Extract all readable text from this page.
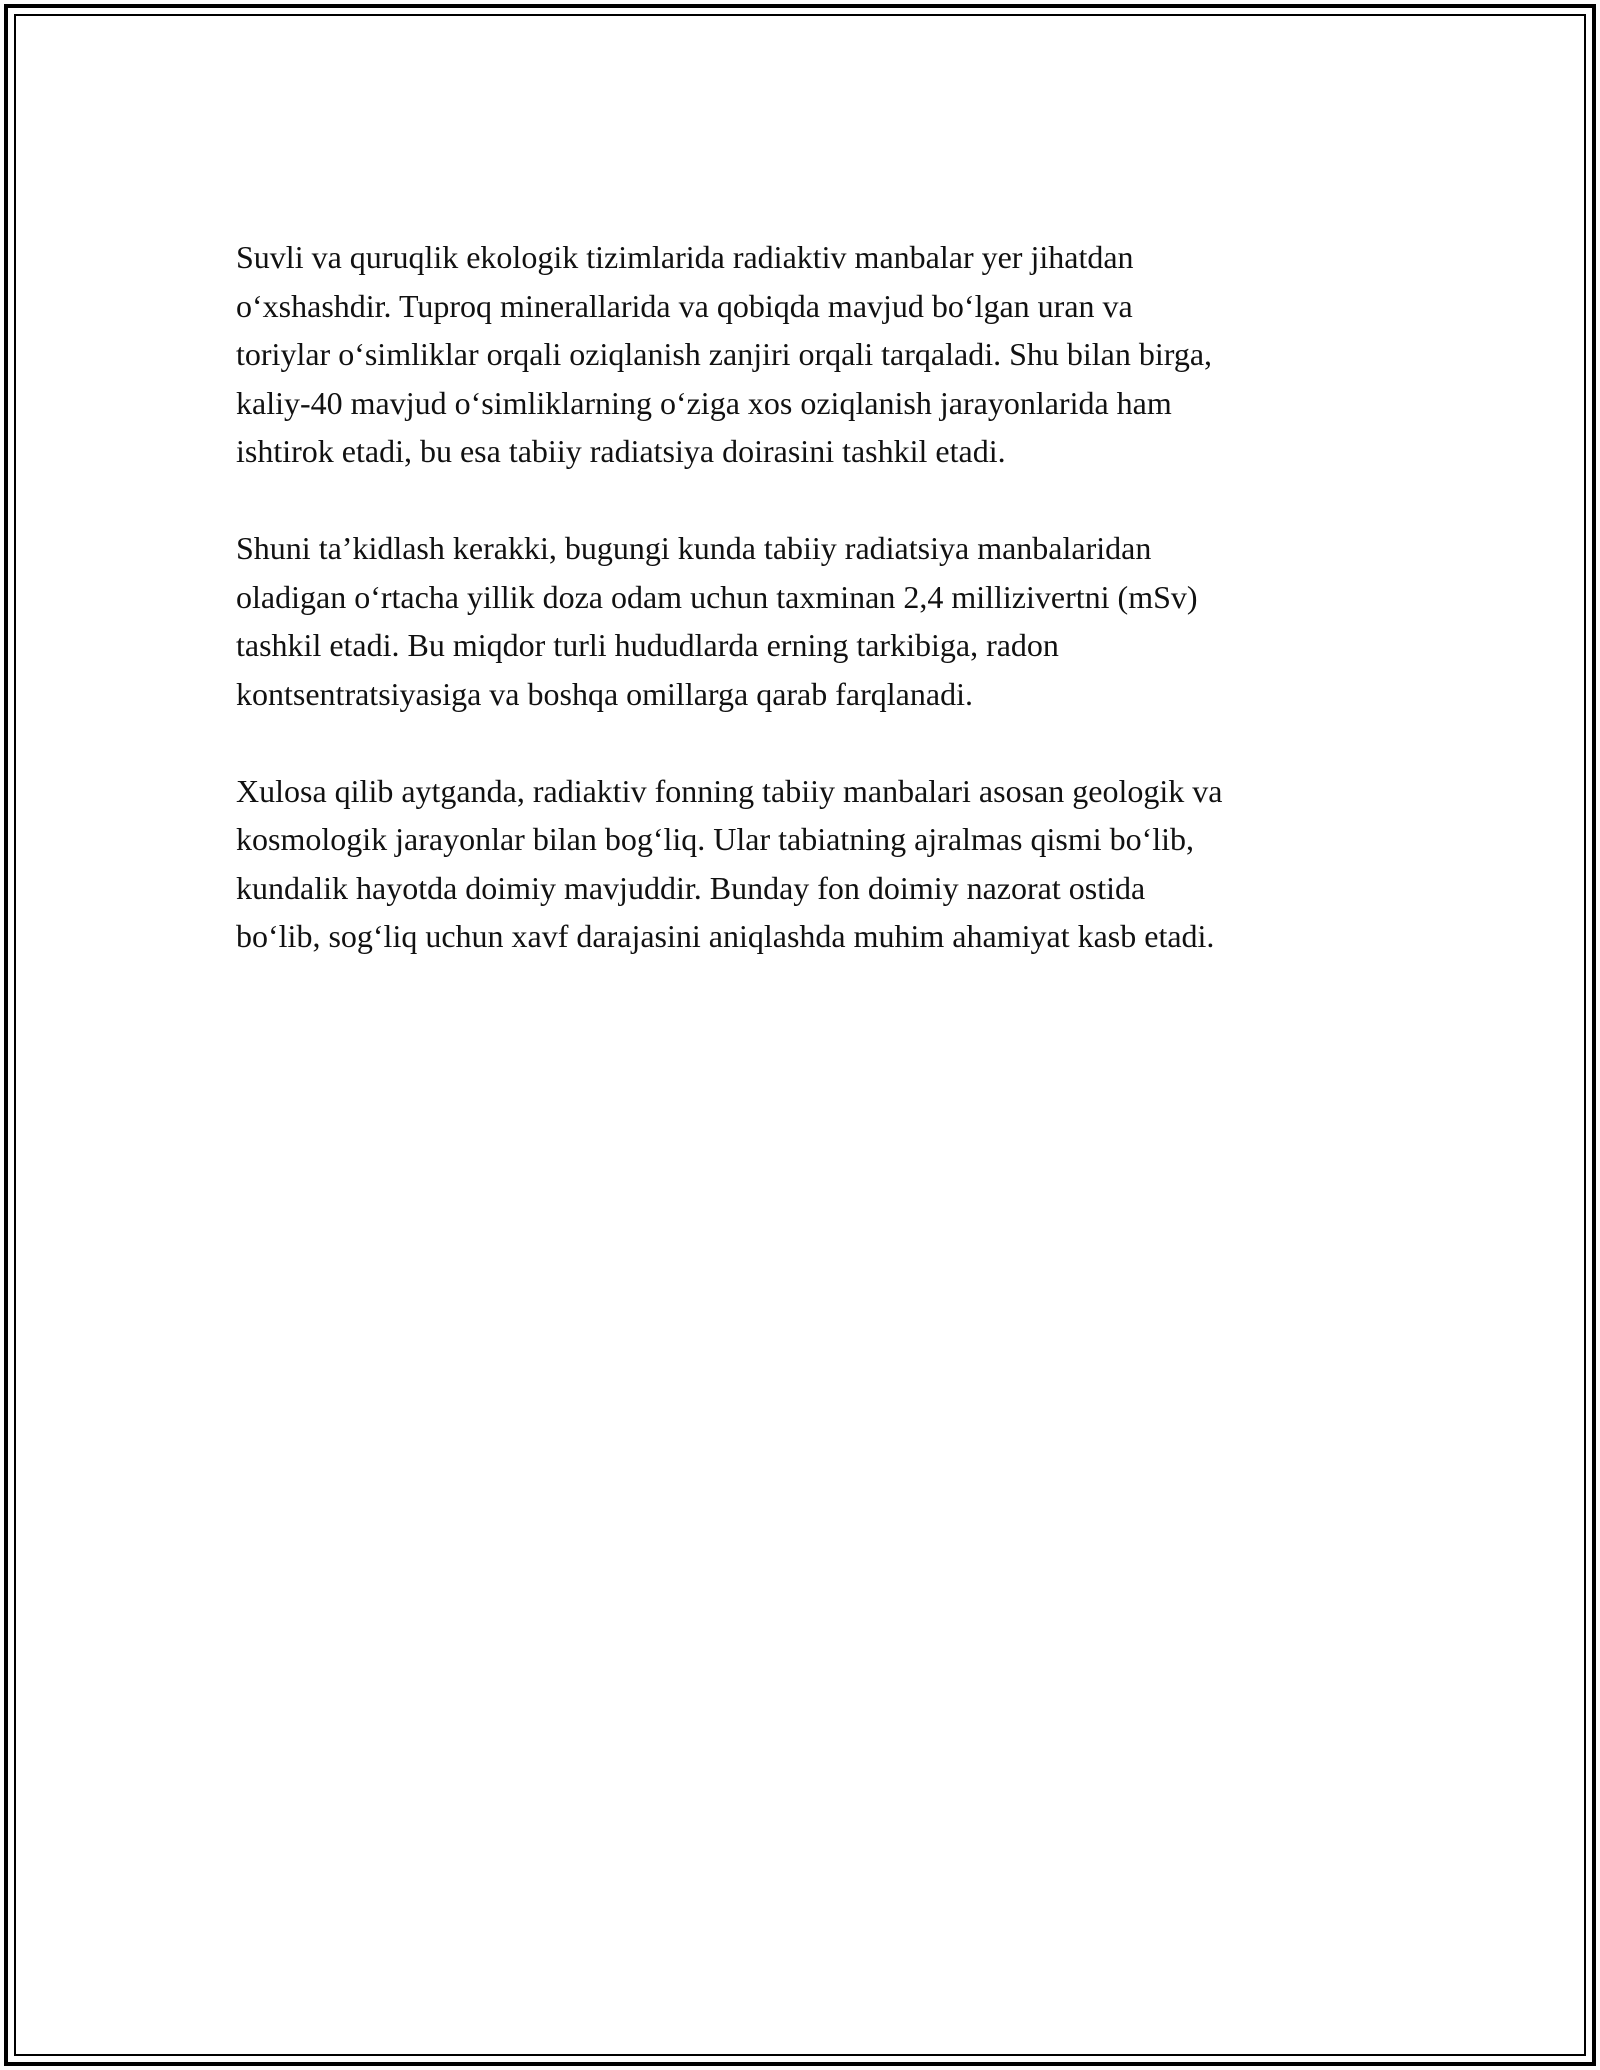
Suvli va quruqlik ekologik tizimlarida radiaktiv manbalar yer jihatdan
o‘xshashdir. Tuproq minerallarida va qobiqda mavjud bo‘lgan uran va
toriylar o‘simliklar orqali oziqlanish zanjiri orqali tarqaladi. Shu bilan birga,
kaliy-40 mavjud o‘simliklarning o‘ziga xos oziqlanish jarayonlarida ham
ishtirok etadi, bu esa tabiiy radiatsiya doirasini tashkil etadi.

Shuni ta’kidlash kerakki, bugungi kunda tabiiy radiatsiya manbalaridan
oladigan o‘rtacha yillik doza odam uchun taxminan 2,4 millizivertni (mSv)
tashkil etadi. Bu miqdor turli hududlarda erning tarkibiga, radon
kontsentratsiyasiga va boshqa omillarga qarab farqlanadi.

Xulosa qilib aytganda, radiaktiv fonning tabiiy manbalari asosan geologik va
kosmologik jarayonlar bilan bog‘liq. Ular tabiatning ajralmas qismi bo‘lib,
kundalik hayotda doimiy mavjuddir. Bunday fon doimiy nazorat ostida
bo‘lib, sog‘liq uchun xavf darajasini aniqlashda muhim ahamiyat kasb etadi.
